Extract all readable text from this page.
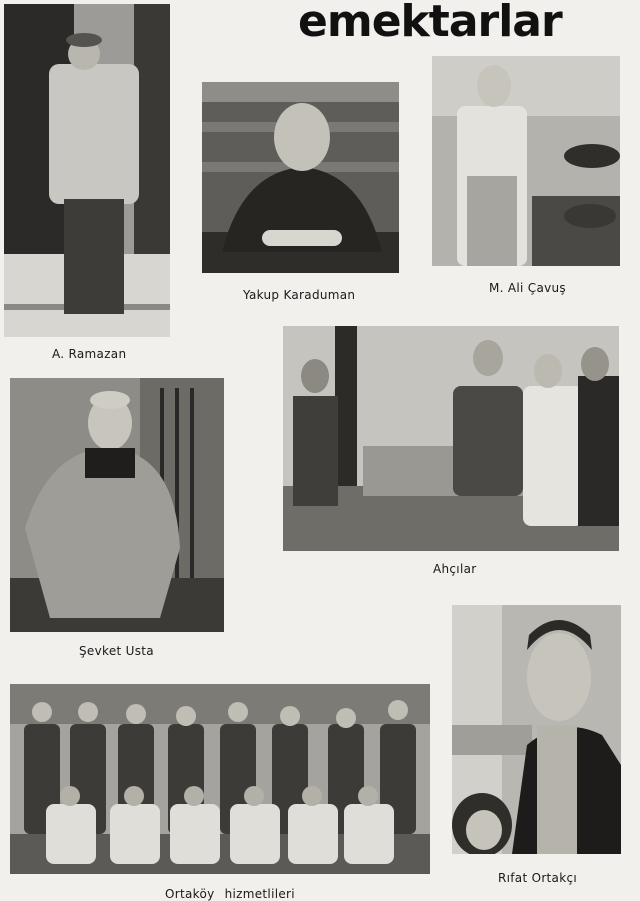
emektarlar
A. Ramazan
Yakup Karaduman	M. Ali Çavuş
Şevket Usta
Ahçılar
Ortaköy hizmetlileri
Rıfat Ortakçı
